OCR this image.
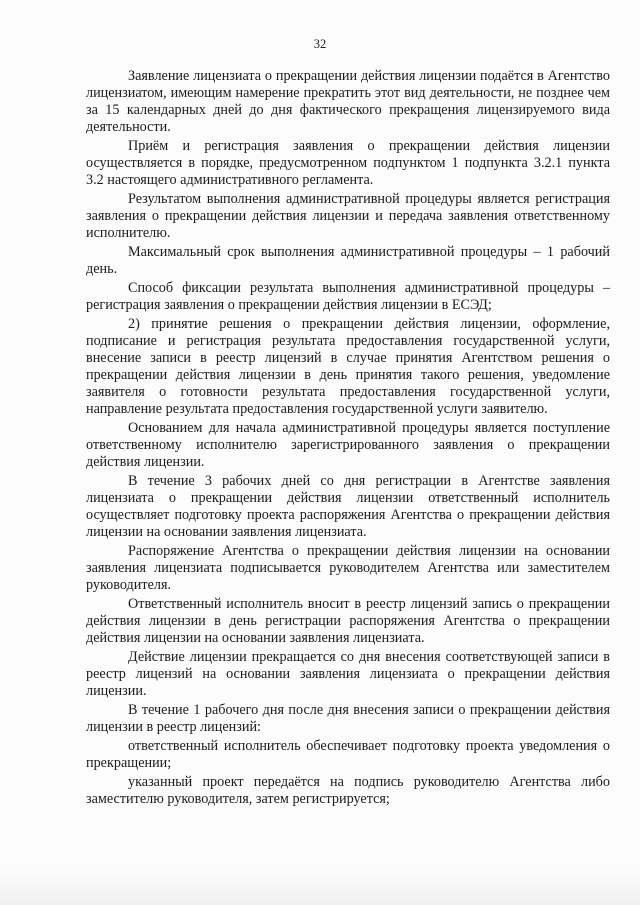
32

Заявление лицензиата о прекращении действия лицензии подаётся в Агентство лицензиатом, имеющим намерение прекратить этот вид деятельности, не позднее чем за 15 календарных дней до дня фактического прекращения лицензируемого вида деятельности.

Приём и регистрация заявления о прекращении действия лицензии осуществляется в порядке, предусмотренном подпунктом 1 подпункта 3.2.1 пункта 3.2 настоящего административного регламента.

Результатом выполнения административной процедуры является регистрация заявления о прекращении действия лицензии и передача заявления ответственному исполнителю.

Максимальный срок выполнения административной процедуры – 1 рабочий день.

Способ фиксации результата выполнения административной процедуры – регистрация заявления о прекращении действия лицензии в ЕСЭД;

2) принятие решения о прекращении действия лицензии, оформление, подписание и регистрация результата предоставления государственной услуги, внесение записи в реестр лицензий в случае принятия Агентством решения о прекращении действия лицензии в день принятия такого решения, уведомление заявителя о готовности результата предоставления государственной услуги, направление результата предоставления государственной услуги заявителю.

Основанием для начала административной процедуры является поступление ответственному исполнителю зарегистрированного заявления о прекращении действия лицензии.

В течение 3 рабочих дней со дня регистрации в Агентстве заявления лицензиата о прекращении действия лицензии ответственный исполнитель осуществляет подготовку проекта распоряжения Агентства о прекращении действия лицензии на основании заявления лицензиата.

Распоряжение Агентства о прекращении действия лицензии на основании заявления лицензиата подписывается руководителем Агентства или заместителем руководителя.

Ответственный исполнитель вносит в реестр лицензий запись о прекращении действия лицензии в день регистрации распоряжения Агентства о прекращении действия лицензии на основании заявления лицензиата.

Действие лицензии прекращается со дня внесения соответствующей записи в реестр лицензий на основании заявления лицензиата о прекращении действия лицензии.

В течение 1 рабочего дня после дня внесения записи о прекращении действия лицензии в реестр лицензий:

ответственный исполнитель обеспечивает подготовку проекта уведомления о прекращении;

указанный проект передаётся на подпись руководителю Агентства либо заместителю руководителя, затем регистрируется;
